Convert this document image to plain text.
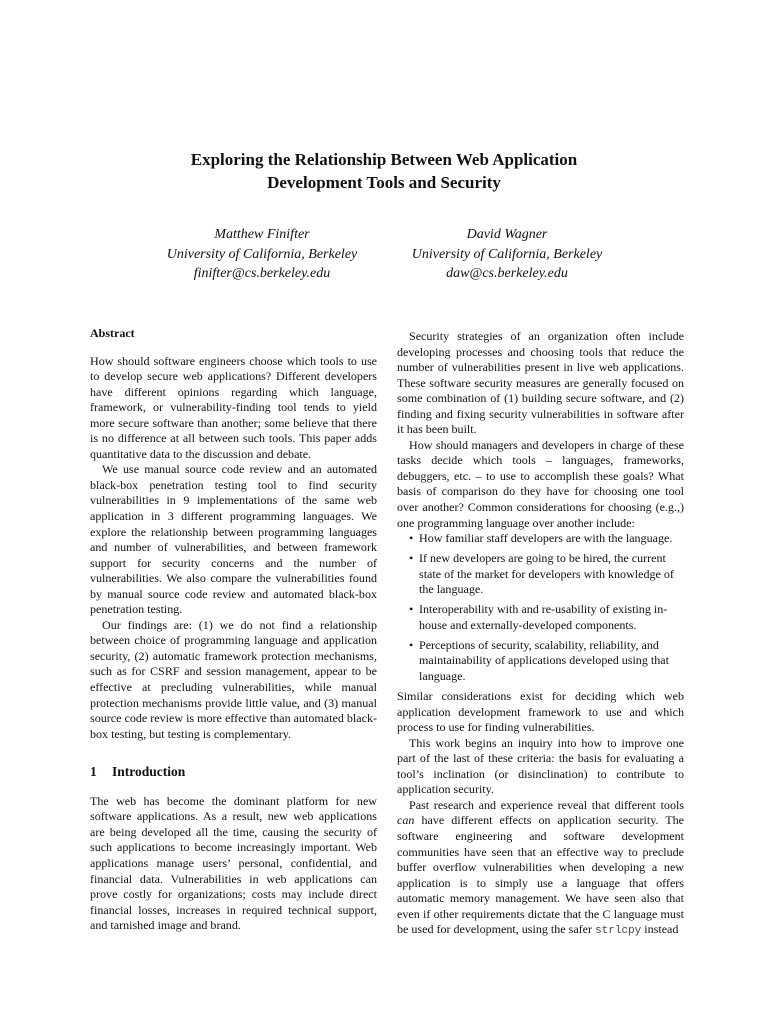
Exploring the Relationship Between Web Application
Development Tools and Security
Matthew Finifter
University of California, Berkeley
finifter@cs.berkeley.edu
David Wagner
University of California, Berkeley
daw@cs.berkeley.edu
Abstract
How should software engineers choose which tools to use to develop secure web applications? Different developers have different opinions regarding which language, framework, or vulnerability-finding tool tends to yield more secure software than another; some believe that there is no difference at all between such tools. This paper adds quantitative data to the discussion and debate.
We use manual source code review and an automated black-box penetration testing tool to find security vulnerabilities in 9 implementations of the same web application in 3 different programming languages. We explore the relationship between programming languages and number of vulnerabilities, and between framework support for security concerns and the number of vulnerabilities. We also compare the vulnerabilities found by manual source code review and automated black-box penetration testing.
Our findings are: (1) we do not find a relationship between choice of programming language and application security, (2) automatic framework protection mechanisms, such as for CSRF and session management, appear to be effective at precluding vulnerabilities, while manual protection mechanisms provide little value, and (3) manual source code review is more effective than automated black-box testing, but testing is complementary.
1 Introduction
The web has become the dominant platform for new software applications. As a result, new web applications are being developed all the time, causing the security of such applications to become increasingly important. Web applications manage users’ personal, confidential, and financial data. Vulnerabilities in web applications can prove costly for organizations; costs may include direct financial losses, increases in required technical support, and tarnished image and brand.
Security strategies of an organization often include developing processes and choosing tools that reduce the number of vulnerabilities present in live web applications. These software security measures are generally focused on some combination of (1) building secure software, and (2) finding and fixing security vulnerabilities in software after it has been built.
How should managers and developers in charge of these tasks decide which tools – languages, frameworks, debuggers, etc. – to use to accomplish these goals? What basis of comparison do they have for choosing one tool over another? Common considerations for choosing (e.g.,) one programming language over another include:
• How familiar staff developers are with the language.
• If new developers are going to be hired, the current state of the market for developers with knowledge of the language.
• Interoperability with and re-usability of existing in-house and externally-developed components.
• Perceptions of security, scalability, reliability, and maintainability of applications developed using that language.
Similar considerations exist for deciding which web application development framework to use and which process to use for finding vulnerabilities.
This work begins an inquiry into how to improve one part of the last of these criteria: the basis for evaluating a tool’s inclination (or disinclination) to contribute to application security.
Past research and experience reveal that different tools can have different effects on application security. The software engineering and software development communities have seen that an effective way to preclude buffer overflow vulnerabilities when developing a new application is to simply use a language that offers automatic memory management. We have seen also that even if other requirements dictate that the C language must be used for development, using the safer strlcpy instead
